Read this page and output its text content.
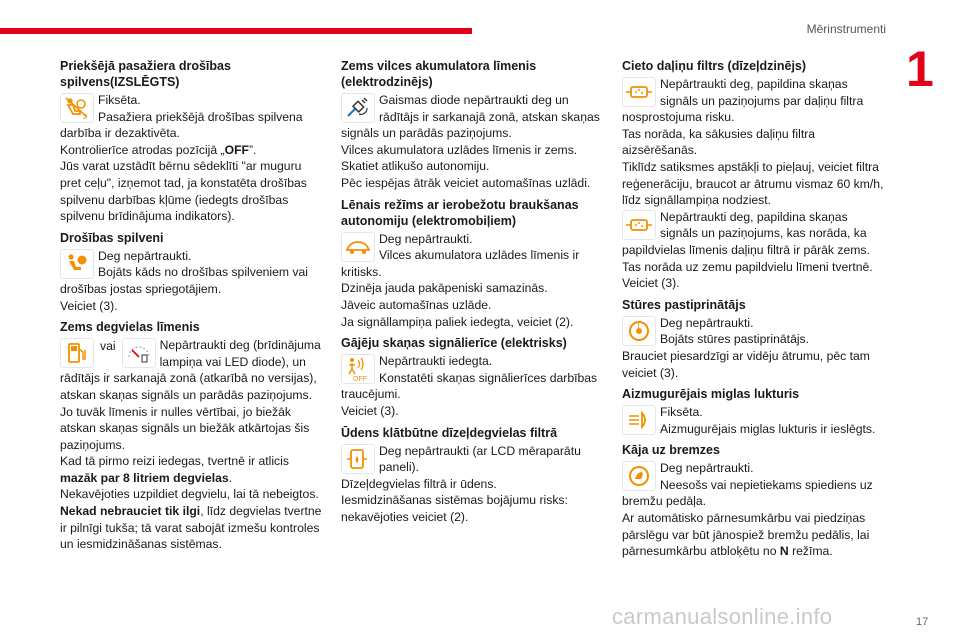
Mērinstrumenti
1
Priekšējā pasažiera drošības spilvens(IZSLĒGTS)
2

Fiksēta.

Pasažiera priekšējā drošības spilvena darbība ir dezaktivēta.

Kontrolierīce atrodas pozīcijā „OFF”.

Jūs varat uzstādīt bērnu sēdeklīti "ar muguru pret ceļu", izņemot tad, ja konstatēta drošības spilvenu darbības kļūme (iedegts drošības spilvenu brīdinājuma indikators).

Drošības spilveni

Deg nepārtraukti.

Bojāts kāds no drošības spilveniem vai drošības jostas spriegotājiem.

Veiciet (3).

Zems degvielas līmenis
vai	Nepārtraukti deg (brīdinājuma lampiņa vai LED diode), un rādītājs ir sarkanajā zonā (atkarībā no versijas), atskan skaņas signāls un parādās paziņojums.

Jo tuvāk līmenis ir nulles vērtībai, jo biežāk atskan skaņas signāls un biežāk atkārtojas šis paziņojums.

Kad tā pirmo reizi iedegas, tvertnē ir atlicis mazāk par 8 litriem degvielas.

Nekavējoties uzpildiet degvielu, lai tā nebeigtos.

Nekad nebrauciet tik ilgi, līdz degvielas tvertne ir pilnīgi tukša; tā varat sabojāt izmešu kontroles un iesmidzināšanas sistēmas.

Zems vilces akumulatora līmenis (elektrodzinējs)

Gaismas diode nepārtraukti deg un rādītājs ir sarkanajā zonā, atskan skaņas signāls un parādās paziņojums.

Vilces akumulatora uzlādes līmenis ir zems.

Skatiet atlikušo autonomiju.

Pēc iespējas ātrāk veiciet automašīnas uzlādi.

Lēnais režīms ar ierobežotu braukšanas autonomiju (elektromobiļiem)

Deg nepārtraukti.

Vilces akumulatora uzlādes līmenis ir kritisks.

Dzinēja jauda pakāpeniski samazinās.

Jāveic automašīnas uzlāde.

Ja signāllampiņa paliek iedegta, veiciet (2).

Gājēju skaņas signālierīce (elektrisks)
OFF

Nepārtraukti iedegta.

Konstatēti skaņas signālierīces darbības traucējumi.

Veiciet (3).

Ūdens klātbūtne dīzeļdegvielas filtrā

Deg nepārtraukti (ar LCD mēraparātu paneli).

Dīzeļdegvielas filtrā ir ūdens.

Iesmidzināšanas sistēmas bojājumu risks: nekavējoties veiciet (2).

Cieto daļiņu filtrs (dīzeļdzinējs)

Nepārtraukti deg, papildina skaņas signāls un paziņojums par daļiņu filtra nosprostojuma risku.

Tas norāda, ka sākusies daļiņu filtra aizsērēšanās.

Tiklīdz satiksmes apstākļi to pieļauj, veiciet filtra reģenerāciju, braucot ar ātrumu vismaz 60 km/h, līdz signāllampiņa nodziest.

Nepārtraukti deg, papildina skaņas signāls un paziņojums, kas norāda, ka papildvielas līmenis daļiņu filtrā ir pārāk zems.

Tas norāda uz zemu papildvielu līmeni tvertnē.

Veiciet (3).

Stūres pastiprinātājs
!	Deg nepārtraukti.

Bojāts stūres pastiprinātājs.

Brauciet piesardzīgi ar vidēju ātrumu, pēc tam veiciet (3).

Aizmugurējais miglas lukturis

Fiksēta.

Aizmugurējais miglas lukturis ir ieslēgts.

Kāja uz bremzes

Deg nepārtraukti.

Neesošs vai nepietiekams spiediens uz bremžu pedāļa.

Ar automātisko pārnesumkārbu vai piedziņas pārslēgu var būt jānospiež bremžu pedālis, lai pārnesumkārbu atbloķētu no N režīma.

carmanualsonline.info	17
